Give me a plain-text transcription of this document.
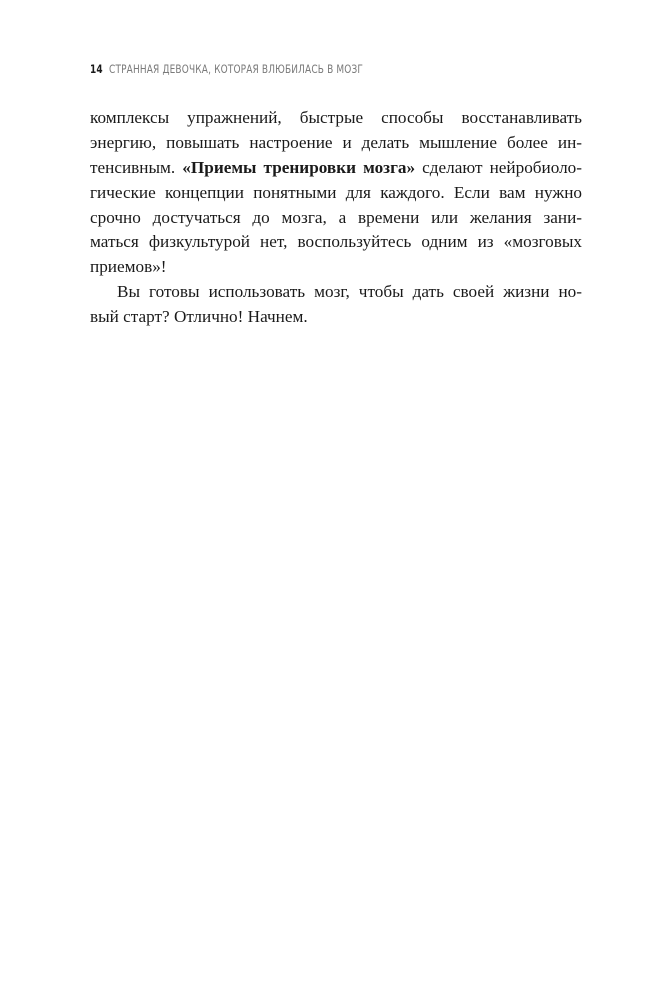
14 СТРАННАЯ ДЕВОЧКА, КОТОРАЯ ВЛЮБИЛАСЬ В МОЗГ
комплексы упражнений, быстрые способы восстанавливать
энергию, повышать настроение и делать мышление более ин-
тенсивным. «Приемы тренировки мозга» сделают нейробиоло-
гические концепции понятными для каждого. Если вам нужно
срочно достучаться до мозга, а времени или желания зани-
маться физкультурой нет, воспользуйтесь одним из «мозговых
приемов»!
Вы готовы использовать мозг, чтобы дать своей жизни но-
вый старт? Отлично! Начнем.
